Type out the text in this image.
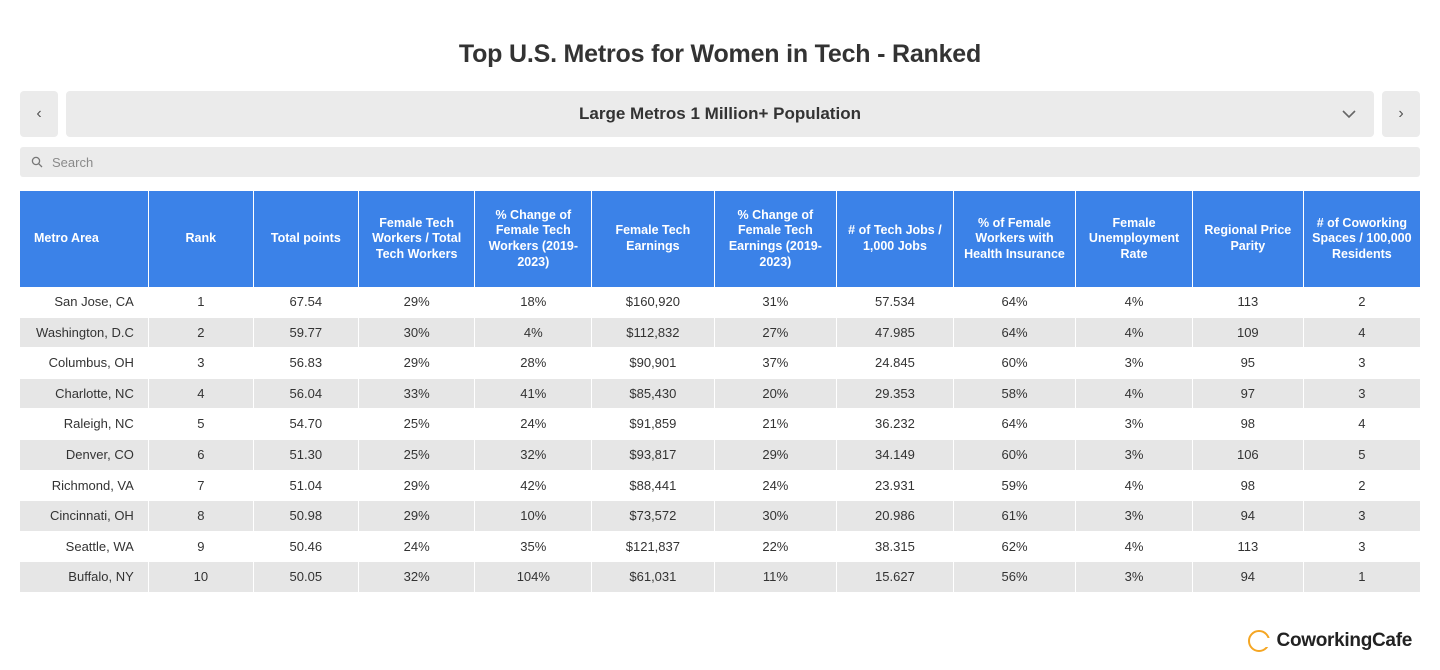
Top U.S. Metros for Women in Tech - Ranked
‹	Large Metros 1 Million+ Population	›
Search
Metro Area	Rank	Total points	Female Tech Workers / Total Tech Workers	% Change of Female Tech Workers (2019-2023)	Female Tech Earnings	% Change of Female Tech Earnings (2019-2023)	# of Tech Jobs / 1,000 Jobs	% of Female Workers with Health Insurance	Female Unemployment Rate	Regional Price Parity	# of Coworking Spaces / 100,000 Residents
San Jose, CA	1	67.54	29%	18%	$160,920	31%	57.534	64%	4%	113	2
Washington, D.C	2	59.77	30%	4%	$112,832	27%	47.985	64%	4%	109	4
Columbus, OH	3	56.83	29%	28%	$90,901	37%	24.845	60%	3%	95	3
Charlotte, NC	4	56.04	33%	41%	$85,430	20%	29.353	58%	4%	97	3
Raleigh, NC	5	54.70	25%	24%	$91,859	21%	36.232	64%	3%	98	4
Denver, CO	6	51.30	25%	32%	$93,817	29%	34.149	60%	3%	106	5
Richmond, VA	7	51.04	29%	42%	$88,441	24%	23.931	59%	4%	98	2
Cincinnati, OH	8	50.98	29%	10%	$73,572	30%	20.986	61%	3%	94	3
Seattle, WA	9	50.46	24%	35%	$121,837	22%	38.315	62%	4%	113	3
Buffalo, NY	10	50.05	32%	104%	$61,031	11%	15.627	56%	3%	94	1
CoworkingCafe
